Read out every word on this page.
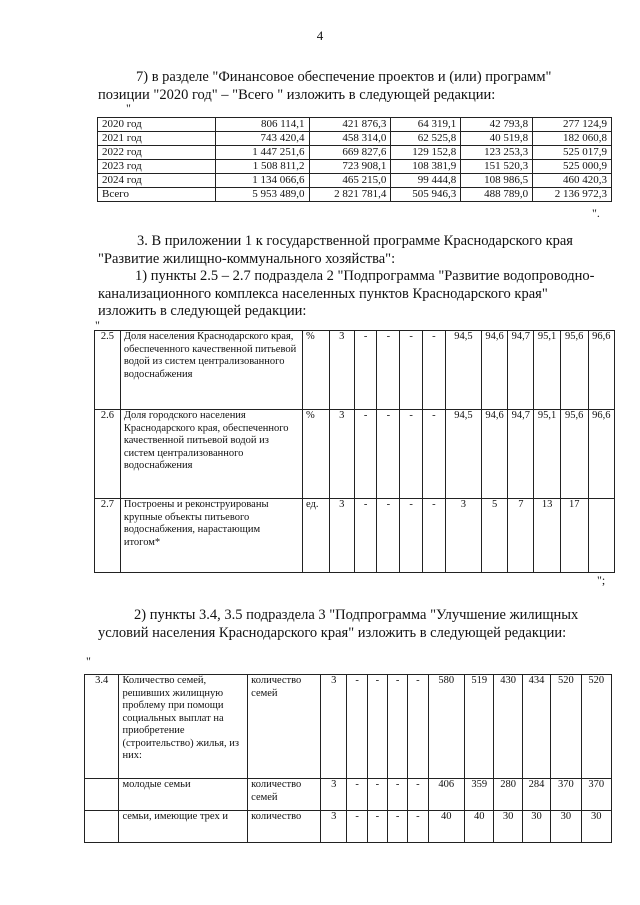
4
7) в разделе "Финансовое обеспечение проектов и (или) программ"
позиции "2020 год" – "Всего " изложить в следующей редакции:
"
2020 год	806 114,1	421 876,3	64 319,1	42 793,8	277 124,9
2021 год	743 420,4	458 314,0	62 525,8	40 519,8	182 060,8
2022 год	1 447 251,6	669 827,6	129 152,8	123 253,3	525 017,9
2023 год	1 508 811,2	723 908,1	108 381,9	151 520,3	525 000,9
2024 год	1 134 066,6	465 215,0	99 444,8	108 986,5	460 420,3
Всего	5 953 489,0	2 821 781,4	505 946,3	488 789,0	2 136 972,3
".
3. В приложении 1 к государственной программе Краснодарского края
"Развитие жилищно-коммунального хозяйства":
1) пункты 2.5 – 2.7 подраздела 2 "Подпрограмма "Развитие водопроводно-
канализационного комплекса населенных пунктов Краснодарского края"
изложить в следующей редакции:
"
2.5	Доля населения Краснодарского края, обеспеченного качественной питьевой водой из систем централизованного водоснабжения	%	3	-	-	-	-	94,5	94,6	94,7	95,1	95,6	96,6
2.6	Доля городского населения Краснодарского края, обеспеченного качественной питьевой водой из систем централизованного водоснабжения	%	3	-	-	-	-	94,5	94,6	94,7	95,1	95,6	96,6
2.7	Построены и реконструированы крупные объекты питьевого водоснабжения, нарастающим итогом*	ед.	3	-	-	-	-	3	5	7	13	17	
";
2) пункты 3.4, 3.5 подраздела 3 "Подпрограмма "Улучшение жилищных
условий населения Краснодарского края" изложить в следующей редакции:
"
3.4	Количество семей, решивших жилищную проблему при помощи социальных выплат на приобретение (строительство) жилья, из них:	количество семей	3	-	-	-	-	580	519	430	434	520	520
	молодые семьи	количество семей	3	-	-	-	-	406	359	280	284	370	370
	семьи, имеющие трех и	количество	3	-	-	-	-	40	40	30	30	30	30
